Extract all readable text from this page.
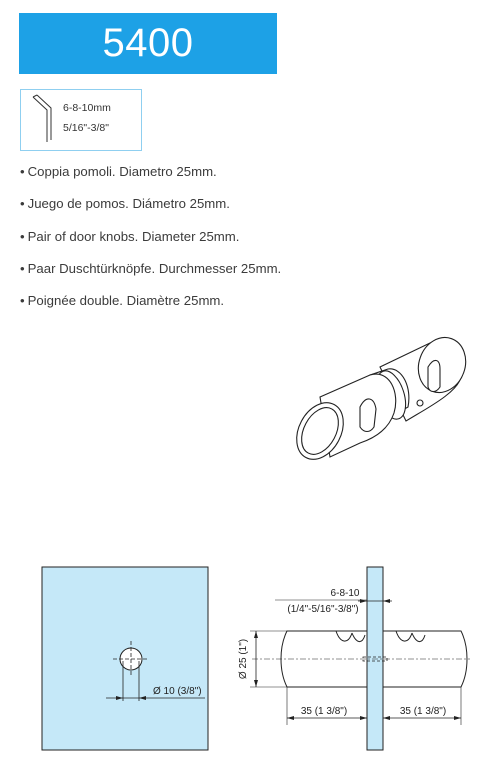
5400
6-8-10mm
5/16"-3/8"
• Coppia pomoli. Diametro 25mm.
• Juego de pomos. Diámetro 25mm.
• Pair of door knobs. Diameter 25mm.
• Paar Duschtürknöpfe. Durchmesser 25mm.
• Poignée double. Diamètre 25mm.
Ø 10 (3/8")
6-8-10
(1/4"-5/16"-3/8")
Ø 25 (1")
35 (1 3/8")	35 (1 3/8")
